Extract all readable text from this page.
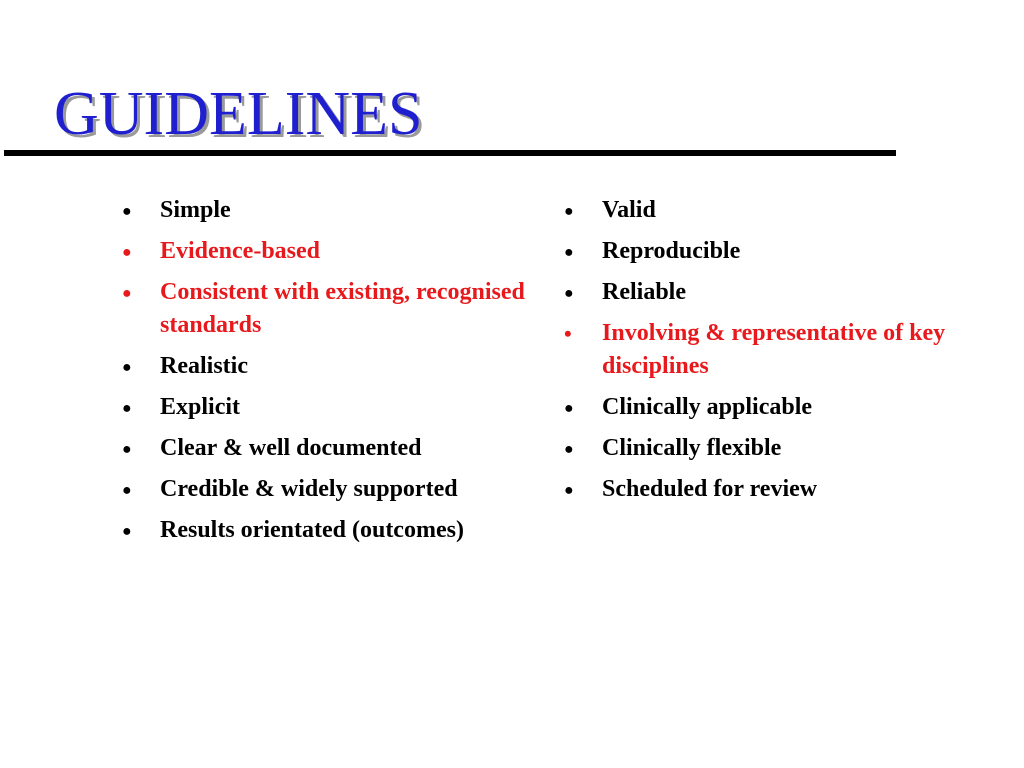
GUIDELINES
● Simple
● Evidence-based
● Consistent with existing, recognised standards
● Realistic
● Explicit
● Clear & well documented
● Credible & widely supported
● Results orientated (outcomes)
● Valid
● Reproducible
● Reliable
• Involving & representative of key disciplines
● Clinically applicable
● Clinically flexible
● Scheduled for review
